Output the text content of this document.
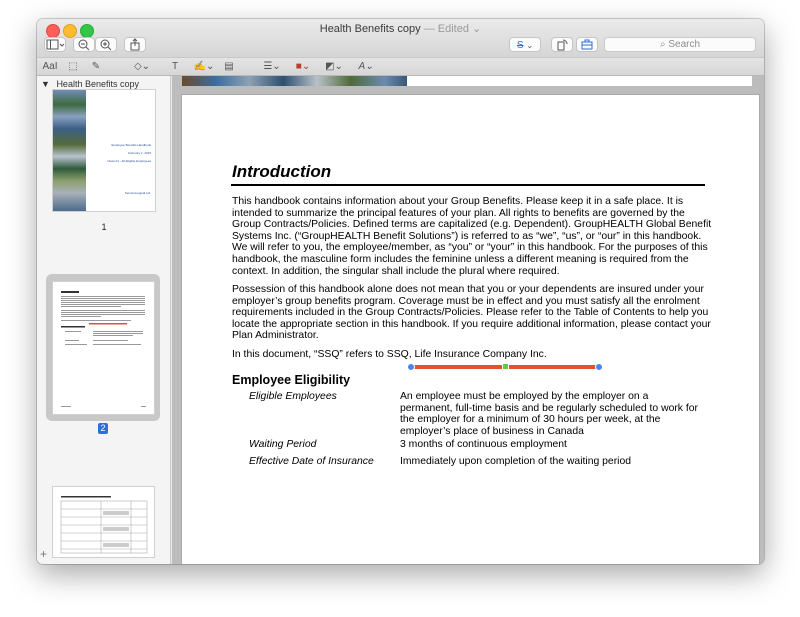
Health Benefits copy — Edited ⌄
S ⌄	⌕ Search
AaI ⬚ ✎	◇⌄	T	✍⌄ ▤	☰⌄	■⌄	◩⌄	A⌄
▼ Health Benefits copy
Employee Benefits Handbook
February 1, 2015
Class 01 - All Eligible Employees
Service/Logical Ltd.
1
2
+
Introduction

This handbook contains information about your Group Benefits. Please keep it in a safe place. It is intended to summarize the principal features of your plan. All rights to benefits are governed by the Group Contracts/Policies. Defined terms are capitalized (e.g. Dependent). GroupHEALTH Global Benefit Systems Inc. (“GroupHEALTH Benefit Solutions”) is referred to as “we”, “us”, or “our” in this handbook. We will refer to you, the employee/member, as “you” or “your” in this handbook. For the purposes of this handbook, the masculine form includes the feminine unless a different meaning is required from the context. In addition, the singular shall include the plural where required.

Possession of this handbook alone does not mean that you or your dependents are insured under your employer’s group benefits program. Coverage must be in effect and you must satisfy all the enrolment requirements included in the Group Contracts/Policies. Please refer to the Table of Contents to help you locate the appropriate section in this handbook. If you require additional information, please contact your Plan Administrator.

In this document, “SSQ” refers to SSQ, Life Insurance Company Inc.

Employee Eligibility
Eligible Employees	An employee must be employed by the employer on a permanent, full-time basis and be regularly scheduled to work for the employer for a minimum of 30 hours per week, at the employer’s place of business in Canada
Waiting Period	3 months of continuous employment
Effective Date of Insurance	Immediately upon completion of the waiting period
